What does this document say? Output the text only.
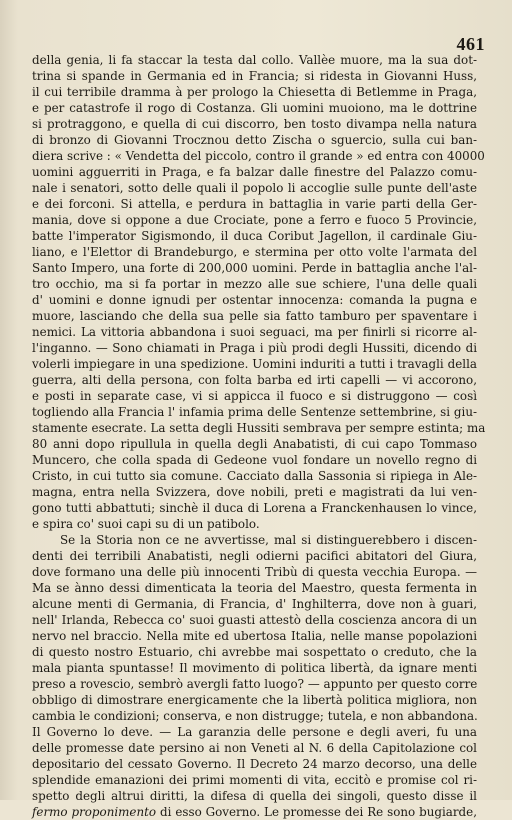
461
della genia, li fa staccar la testa dal collo. Vallèe muore, ma la sua dot-
trina si spande in Germania ed in Francia; si ridesta in Giovanni Huss,
il cui terribile dramma à per prologo la Chiesetta di Betlemme in Praga,
e per catastrofe il rogo di Costanza. Gli uomini muoiono, ma le dottrine
si protraggono, e quella di cui discorro, ben tosto divampa nella natura
di bronzo di Giovanni Trocznou detto Zischa o sguercio, sulla cui ban-
diera scrive : « Vendetta del piccolo, contro il grande » ed entra con 40000
uomini agguerriti in Praga, e fa balzar dalle finestre del Palazzo comu-
nale i senatori, sotto delle quali il popolo li accoglie sulle punte dell'aste
e dei forconi. Si attella, e perdura in battaglia in varie parti della Ger-
mania, dove si oppone a due Crociate, pone a ferro e fuoco 5 Provincie,
batte l'imperator Sigismondo, il duca Coribut Jagellon, il cardinale Giu-
liano, e l'Elettor di Brandeburgo, e stermina per otto volte l'armata del
Santo Impero, una forte di 200,000 uomini. Perde in battaglia anche l'al-
tro occhio, ma si fa portar in mezzo alle sue schiere, l'una delle quali
d' uomini e donne ignudi per ostentar innocenza: comanda la pugna e
muore, lasciando che della sua pelle sia fatto tamburo per spaventare i
nemici. La vittoria abbandona i suoi seguaci, ma per finirli si ricorre al-
l'inganno. — Sono chiamati in Praga i più prodi degli Hussiti, dicendo di
volerli impiegare in una spedizione. Uomini induriti a tutti i travagli della
guerra, alti della persona, con folta barba ed irti capelli — vi accorono,
e posti in separate case, vi si appicca il fuoco e si distruggono — così
togliendo alla Francia l' infamia prima delle Sentenze settembrine, si giu-
stamente esecrate. La setta degli Hussiti sembrava per sempre estinta; ma
80 anni dopo ripullula in quella degli Anabatisti, di cui capo Tommaso
Muncero, che colla spada di Gedeone vuol fondare un novello regno di
Cristo, in cui tutto sia comune. Cacciato dalla Sassonia si ripiega in Ale-
magna, entra nella Svizzera, dove nobili, preti e magistrati da lui ven-
gono tutti abbattuti; sinchè il duca di Lorena a Franckenhausen lo vince,
e spira co' suoi capi su di un patibolo.
Se la Storia non ce ne avvertisse, mal si distinguerebbero i discen-
denti dei terribili Anabatisti, negli odierni pacifici abitatori del Giura,
dove formano una delle più innocenti Tribù di questa vecchia Europa. —
Ma se ànno dessi dimenticata la teoria del Maestro, questa fermenta in
alcune menti di Germania, di Francia, d' Inghilterra, dove non à guari,
nell' Irlanda, Rebecca co' suoi guasti attestò della coscienza ancora di un
nervo nel braccio. Nella mite ed ubertosa Italia, nelle manse popolazioni
di questo nostro Estuario, chi avrebbe mai sospettato o creduto, che la
mala pianta spuntasse! Il movimento di politica libertà, da ignare menti
preso a rovescio, sembrò avergli fatto luogo? — appunto per questo corre
obbligo di dimostrare energicamente che la libertà politica migliora, non
cambia le condizioni; conserva, e non distrugge; tutela, e non abbandona.
Il Governo lo deve. — La garanzia delle persone e degli averi, fu una
delle promesse date persino ai non Veneti al N. 6 della Capitolazione col
depositario del cessato Governo. Il Decreto 24 marzo decorso, una delle
splendide emanazioni dei primi momenti di vita, eccitò e promise col ri-
spetto degli altrui diritti, la difesa di quella dei singoli, questo disse il
fermo proponimento di esso Governo. Le promesse dei Re sono bugiarde,
